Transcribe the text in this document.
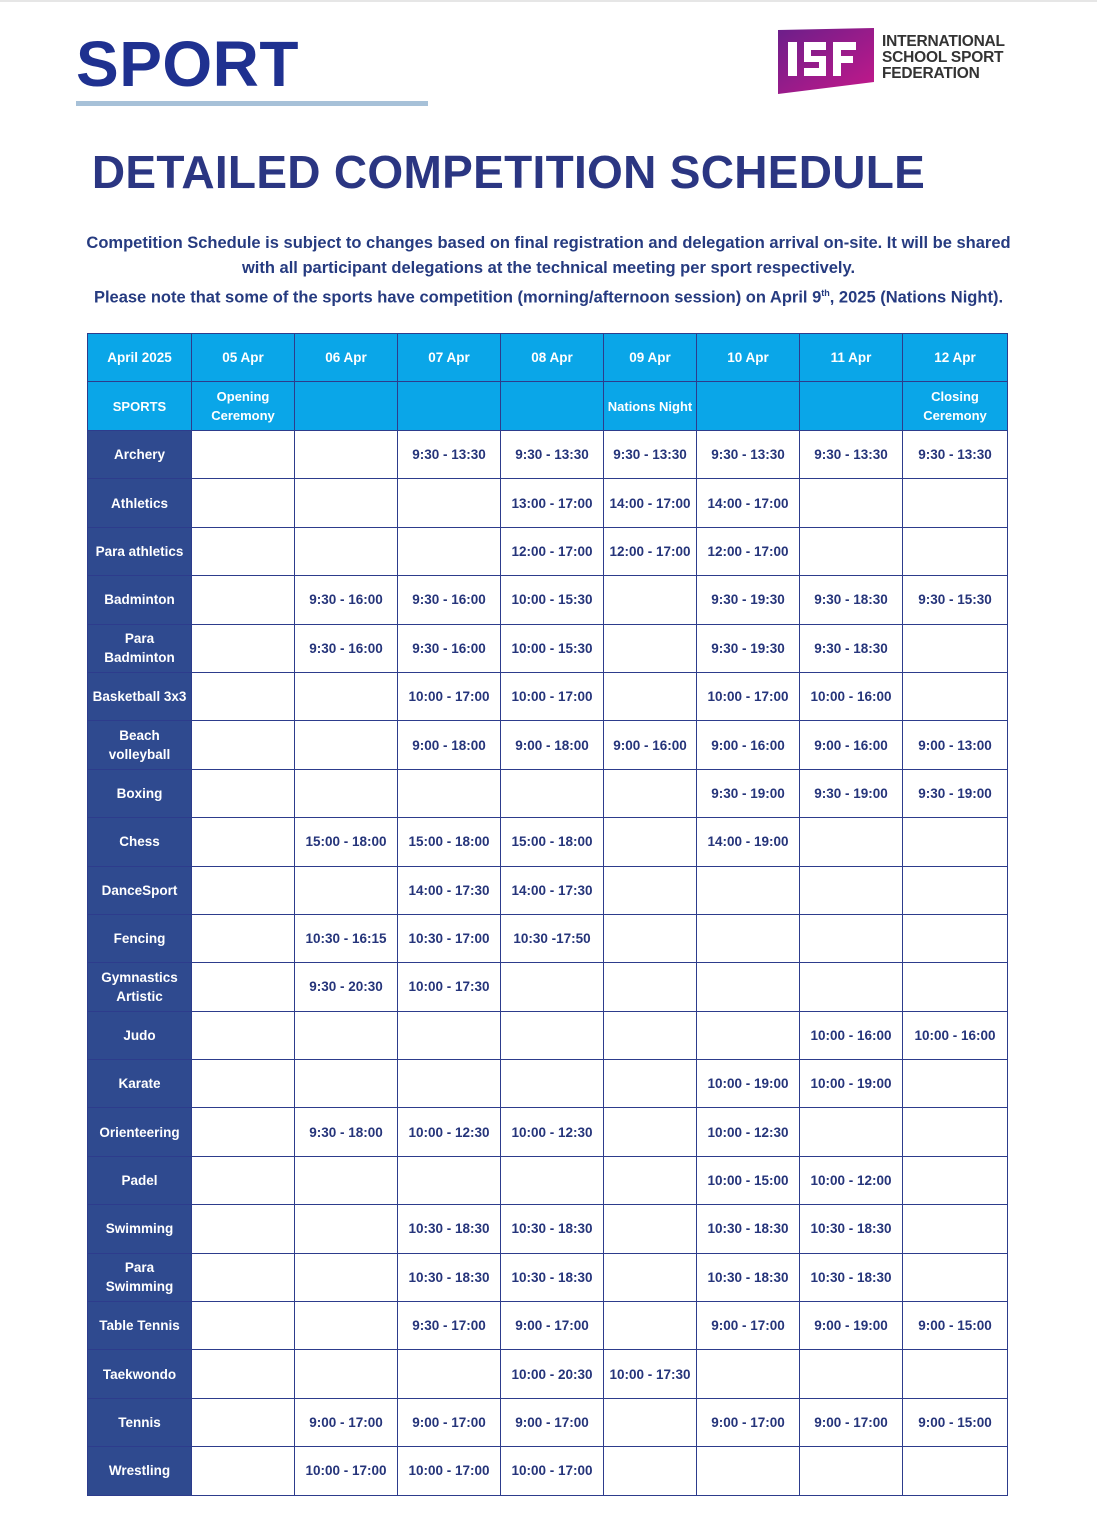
SPORT	INTERNATIONAL
SCHOOL SPORT
FEDERATION
DETAILED COMPETITION SCHEDULE

Competition Schedule is subject to changes based on final registration and delegation arrival on-site. It will be shared

with all participant delegations at the technical meeting per sport respectively.

Please note that some of the sports have competition (morning/afternoon session) on April 9th, 2025 (Nations Night).

April 2025	05 Apr	06 Apr	07 Apr	08 Apr	09 Apr	10 Apr	11 Apr	12 Apr
SPORTS	Opening Ceremony				Nations Night			Closing Ceremony
Archery			9:30 - 13:30	9:30 - 13:30	9:30 - 13:30	9:30 - 13:30	9:30 - 13:30	9:30 - 13:30
Athletics				13:00 - 17:00	14:00 - 17:00	14:00 - 17:00		
Para athletics				12:00 - 17:00	12:00 - 17:00	12:00 - 17:00		
Badminton		9:30 - 16:00	9:30 - 16:00	10:00 - 15:30		9:30 - 19:30	9:30 - 18:30	9:30 - 15:30
Para Badminton		9:30 - 16:00	9:30 - 16:00	10:00 - 15:30		9:30 - 19:30	9:30 - 18:30	
Basketball 3x3			10:00 - 17:00	10:00 - 17:00		10:00 - 17:00	10:00 - 16:00	
Beach volleyball			9:00 - 18:00	9:00 - 18:00	9:00 - 16:00	9:00 - 16:00	9:00 - 16:00	9:00 - 13:00
Boxing						9:30 - 19:00	9:30 - 19:00	9:30 - 19:00
Chess		15:00 - 18:00	15:00 - 18:00	15:00 - 18:00		14:00 - 19:00		
DanceSport			14:00 - 17:30	14:00 - 17:30				
Fencing		10:30 - 16:15	10:30 - 17:00	10:30 -17:50				
Gymnastics Artistic		9:30 - 20:30	10:00 - 17:30					
Judo							10:00 - 16:00	10:00 - 16:00
Karate						10:00 - 19:00	10:00 - 19:00	
Orienteering		9:30 - 18:00	10:00 - 12:30	10:00 - 12:30		10:00 - 12:30		
Padel						10:00 - 15:00	10:00 - 12:00	
Swimming			10:30 - 18:30	10:30 - 18:30		10:30 - 18:30	10:30 - 18:30	
Para Swimming			10:30 - 18:30	10:30 - 18:30		10:30 - 18:30	10:30 - 18:30	
Table Tennis			9:30 - 17:00	9:00 - 17:00		9:00 - 17:00	9:00 - 19:00	9:00 - 15:00
Taekwondo				10:00 - 20:30	10:00 - 17:30			
Tennis		9:00 - 17:00	9:00 - 17:00	9:00 - 17:00		9:00 - 17:00	9:00 - 17:00	9:00 - 15:00
Wrestling		10:00 - 17:00	10:00 - 17:00	10:00 - 17:00				
